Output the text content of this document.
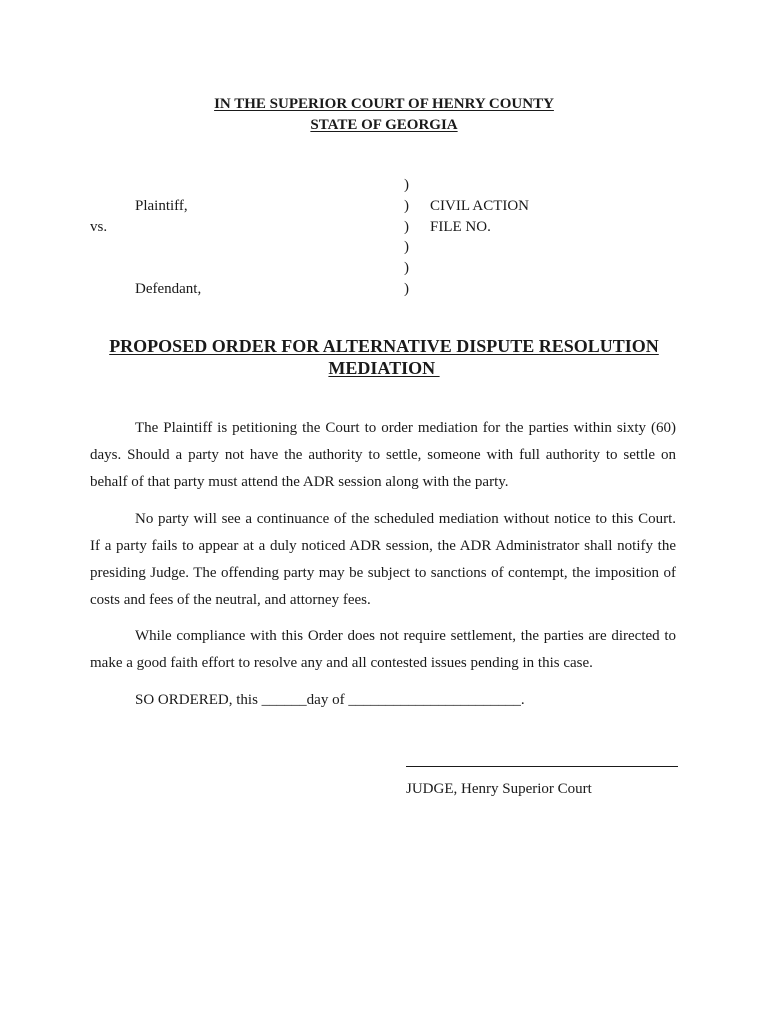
IN THE SUPERIOR COURT OF HENRY COUNTY
STATE OF GEORGIA
)
Plaintiff,	) CIVIL ACTION
vs.	) FILE NO.
)
)
Defendant,	)
PROPOSED ORDER FOR ALTERNATIVE DISPUTE RESOLUTION
MEDIATION

The Plaintiff is petitioning the Court to order mediation for the parties within sixty (60) days. Should a party not have the authority to settle, someone with full authority to settle on behalf of that party must attend the ADR session along with the party.

No party will see a continuance of the scheduled mediation without notice to this Court. If a party fails to appear at a duly noticed ADR session, the ADR Administrator shall notify the presiding Judge. The offending party may be subject to sanctions of contempt, the imposition of costs and fees of the neutral, and attorney fees.

While compliance with this Order does not require settlement, the parties are directed to make a good faith effort to resolve any and all contested issues pending in this case.

SO ORDERED, this ______day of _______________________.

JUDGE, Henry Superior Court
